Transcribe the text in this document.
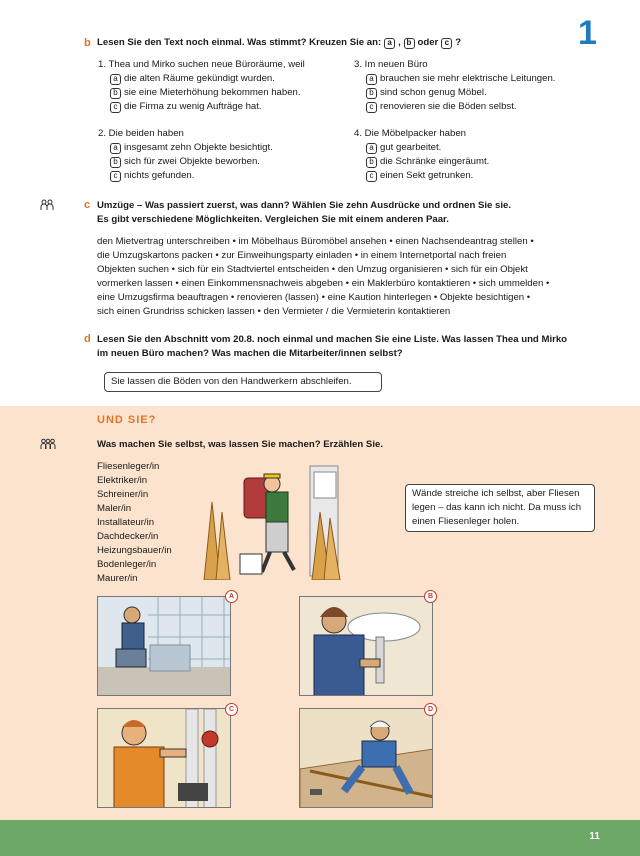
1
b Lesen Sie den Text noch einmal. Was stimmt? Kreuzen Sie an: a , b oder c ?
1. Thea und Mirko suchen neue Büroräume, weil
a die alten Räume gekündigt wurden.
b sie eine Mieterhöhung bekommen haben.
c die Firma zu wenig Aufträge hat.
2. Die beiden haben
a insgesamt zehn Objekte besichtigt.
b sich für zwei Objekte beworben.
c nichts gefunden.
3. Im neuen Büro
a brauchen sie mehr elektrische Leitungen.
b sind schon genug Möbel.
c renovieren sie die Böden selbst.
4. Die Möbelpacker haben
a gut gearbeitet.
b die Schränke eingeräumt.
c einen Sekt getrunken.
c Umzüge – Was passiert zuerst, was dann? Wählen Sie zehn Ausdrücke und ordnen Sie sie.
Es gibt verschiedene Möglichkeiten. Vergleichen Sie mit einem anderen Paar.
den Mietvertrag unterschreiben • im Möbelhaus Büromöbel ansehen • einen Nachsendeantrag stellen •
die Umzugskartons packen • zur Einweihungsparty einladen • in einem Internetportal nach freien
Objekten suchen • sich für ein Stadtviertel entscheiden • den Umzug organisieren • sich für ein Objekt
vormerken lassen • einen Einkommensnachweis abgeben • ein Maklerbüro kontaktieren • sich ummelden •
eine Umzugsfirma beauftragen • renovieren (lassen) • eine Kaution hinterlegen • Objekte besichtigen •
sich einen Grundriss schicken lassen • den Vermieter / die Vermieterin kontaktieren
d Lesen Sie den Abschnitt vom 20.8. noch einmal und machen Sie eine Liste. Was lassen Thea und Mirko
im neuen Büro machen? Was machen die Mitarbeiter/innen selbst?
Sie lassen die Böden von den Handwerkern abschleifen.
UND SIE?
Was machen Sie selbst, was lassen Sie machen? Erzählen Sie.
Fliesenleger/in
Elektriker/in
Schreiner/in
Maler/in
Installateur/in
Dachdecker/in
Heizungsbauer/in
Bodenleger/in
Maurer/in
Wände streiche ich selbst, aber Fliesen
legen – das kann ich nicht. Da muss ich
einen Fliesenleger holen.
A	B
C	D
11
